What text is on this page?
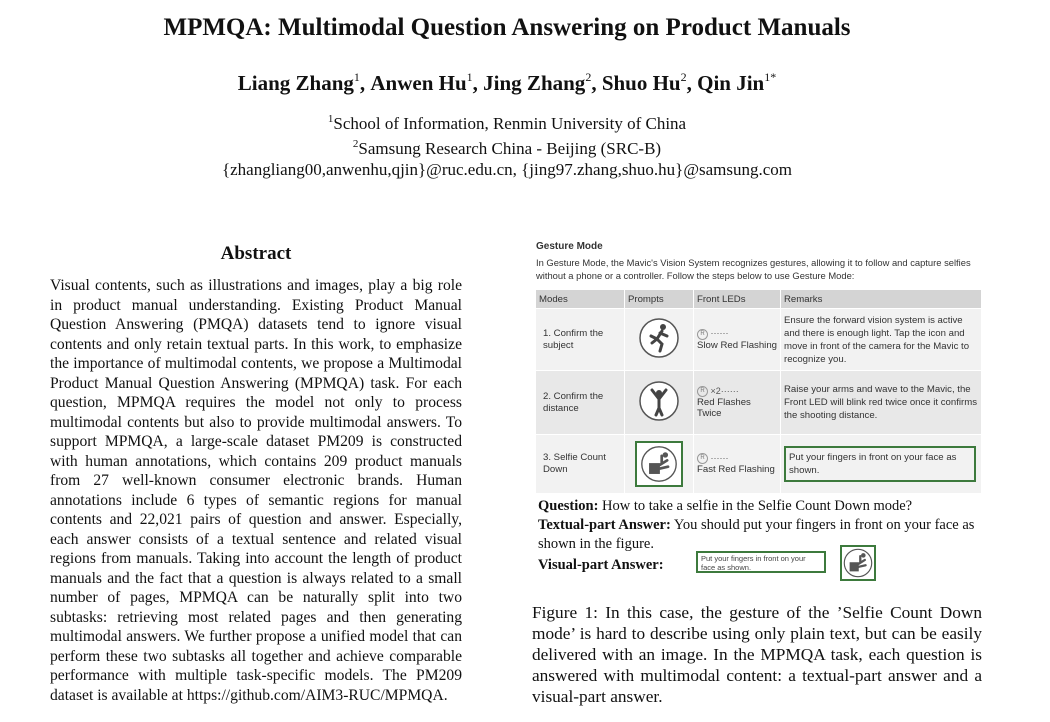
MPMQA: Multimodal Question Answering on Product Manuals
Liang Zhang$^1$, Anwen Hu$^1$, Jing Zhang$^2$, Shuo Hu$^2$, Qin Jin$^{1*}$
$^1$School of Information, Renmin University of China
$^2$Samsung Research China - Beijing (SRC-B)
{zhangliang00,anwenhu,qjin}@ruc.edu.cn, {jing97.zhang,shuo.hu}@samsung.com
Abstract
Visual contents, such as illustrations and images, play a big role in product manual understanding. Existing Product Manual Question Answering (PMQA) datasets tend to ignore visual contents and only retain textual parts. In this work, to emphasize the importance of multimodal contents, we propose a Multimodal Product Manual Question Answering (MPMQA) task. For each question, MPMQA requires the model not only to process multimodal contents but also to provide multimodal answers. To support MPMQA, a large-scale dataset PM209 is constructed with human annotations, which contains 209 product manuals from 27 well-known consumer electronic brands. Human annotations include 6 types of semantic regions for manual contents and 22,021 pairs of question and answer. Especially, each answer consists of a textual sentence and related visual regions from manuals. Taking into account the length of product manuals and the fact that a question is always related to a small number of pages, MPMQA can be naturally split into two subtasks: retrieving most related pages and then generating multimodal answers. We further propose a unified model that can perform these two subtasks all together and achieve comparable performance with multiple task-specific models. The PM209 dataset is available at https://github.com/AIM3-RUC/MPMQA.
Gesture Mode
In Gesture Mode, the Mavic's Vision System recognizes gestures, allowing it to follow and capture selfies without a phone or a controller. Follow the steps below to use Gesture Mode:
Modes	Prompts	Front LEDs	Remarks

1. Confirm the
subject		R ······
Slow Red Flashing	Ensure the forward vision system is active and there is enough light. Tap the icon and move in front of the camera for the Mavic to recognize you.

2. Confirm the
distance		R ×2······
Red Flashes Twice	Raise your arms and wave to the Mavic, the Front LED will blink red twice once it confirms the shooting distance.

3. Selfie Count
Down		R ······
Fast Red Flashing	Put your fingers in front on your face as shown.
Question: How to take a selfie in the Selfie Count Down mode?
Textual-part Answer: You should put your fingers in front on your face as shown in the figure.
Visual-part Answer:	Put your fingers in front on your face as shown.
Figure 1: In this case, the gesture of the ’Selfie Count Down mode’ is hard to describe using only plain text, but can be easily delivered with an image. In the MPMQA task, each question is answered with multimodal content: a textual-part answer and a visual-part answer.
